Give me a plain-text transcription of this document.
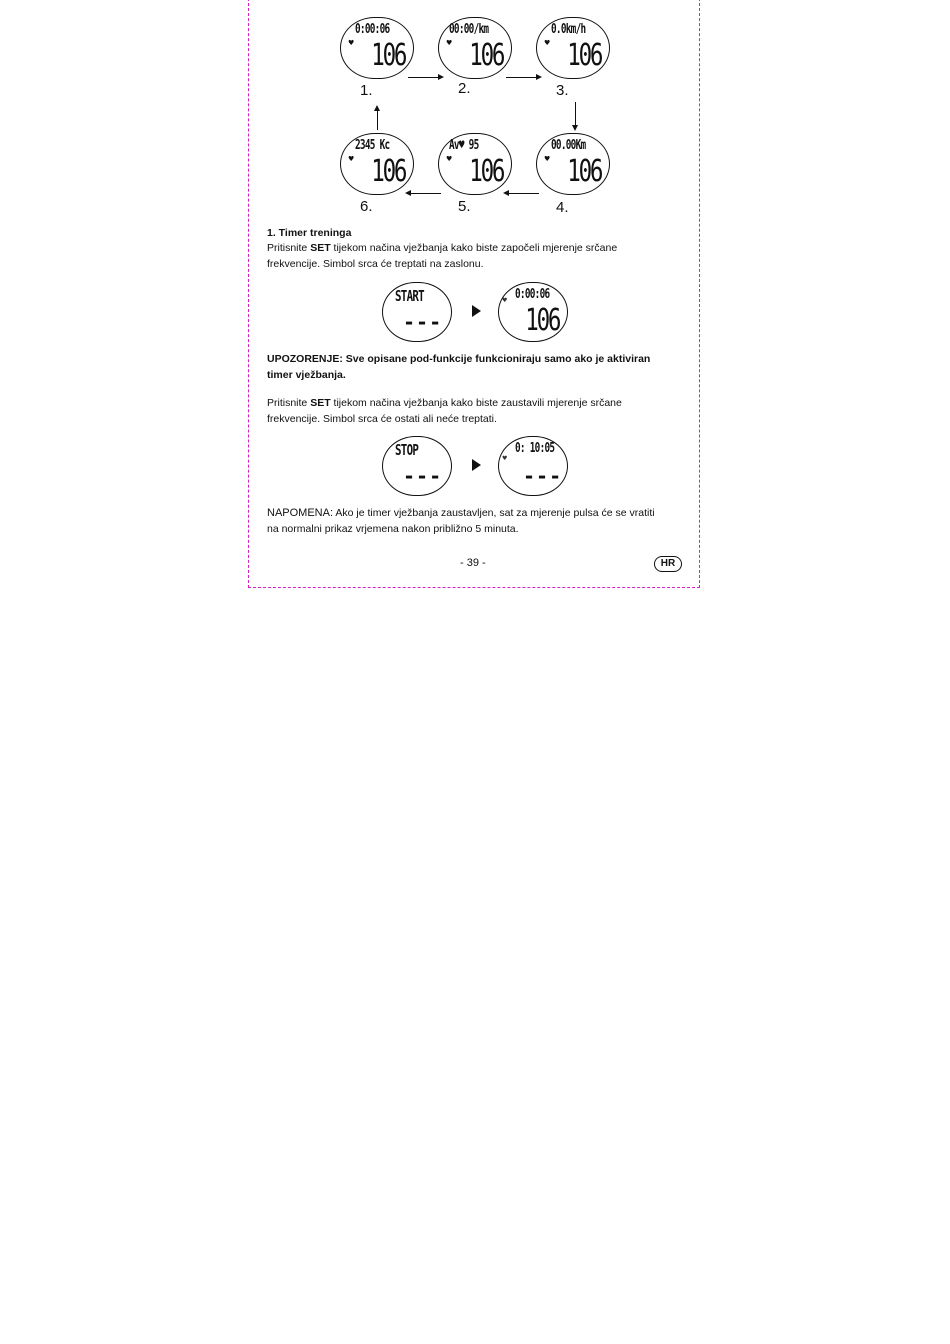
♥
0:00:06
106	♥
00:00/km
106	♥
0.0km/h
106
1.	2.	3.
♥
2345 Kc
106	♥
Av♥ 95
106	♥
00.00Km
106
6.	5.	4.
1. Timer treninga
Pritisnite SET tijekom načina vježbanja kako biste započeli mjerenje srčane
frekvencije. Simbol srca će treptati na zaslonu.
START
---
♥ 0:00:06
106
UPOZORENJE: Sve opisane pod-funkcije funkcioniraju samo ako je aktiviran
timer vježbanja.
Pritisnite SET tijekom načina vježbanja kako biste zaustavili mjerenje srčane
frekvencije. Simbol srca će ostati ali neće treptati.
STOP
---
♥
0: 10:05
---
NAPOMENA: Ako je timer vježbanja zaustavljen, sat za mjerenje pulsa će se vratiti
na normalni prikaz vrjemena nakon približno 5 minuta.
- 39 -	HR
